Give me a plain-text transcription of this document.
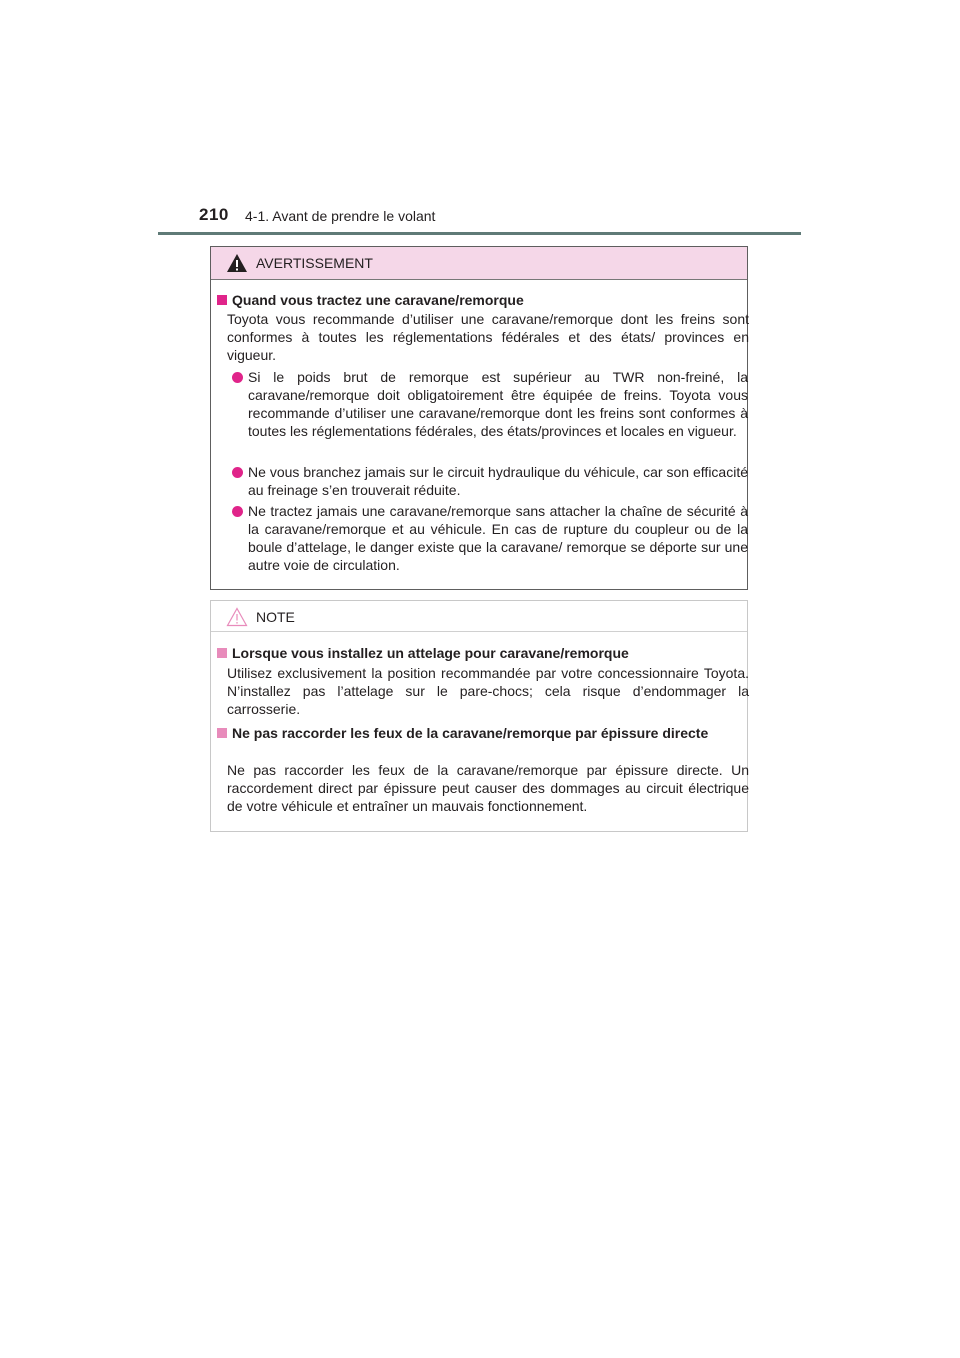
210 4-1. Avant de prendre le volant
AVERTISSEMENT
Quand vous tractez une caravane/remorque
Toyota vous recommande d’utiliser une caravane/remorque dont les freins sont conformes à toutes les réglementations fédérales et des états/ provinces en vigueur.
Si le poids brut de remorque est supérieur au TWR non-freiné, la caravane/remorque doit obligatoirement être équipée de freins. Toyota vous recommande d’utiliser une caravane/remorque dont les freins sont conformes à toutes les réglementations fédérales, des états/provinces et locales en vigueur.
Ne vous branchez jamais sur le circuit hydraulique du véhicule, car son efficacité au freinage s’en trouverait réduite.
Ne tractez jamais une caravane/remorque sans attacher la chaîne de sécurité à la caravane/remorque et au véhicule. En cas de rupture du coupleur ou de la boule d’attelage, le danger existe que la caravane/ remorque se déporte sur une autre voie de circulation.
NOTE
Lorsque vous installez un attelage pour caravane/remorque
Utilisez exclusivement la position recommandée par votre concessionnaire Toyota. N’installez pas l’attelage sur le pare-chocs; cela risque d’endommager la carrosserie.
Ne pas raccorder les feux de la caravane/remorque par épissure directe
Ne pas raccorder les feux de la caravane/remorque par épissure directe. Un raccordement direct par épissure peut causer des dommages au circuit électrique de votre véhicule et entraîner un mauvais fonctionnement.
